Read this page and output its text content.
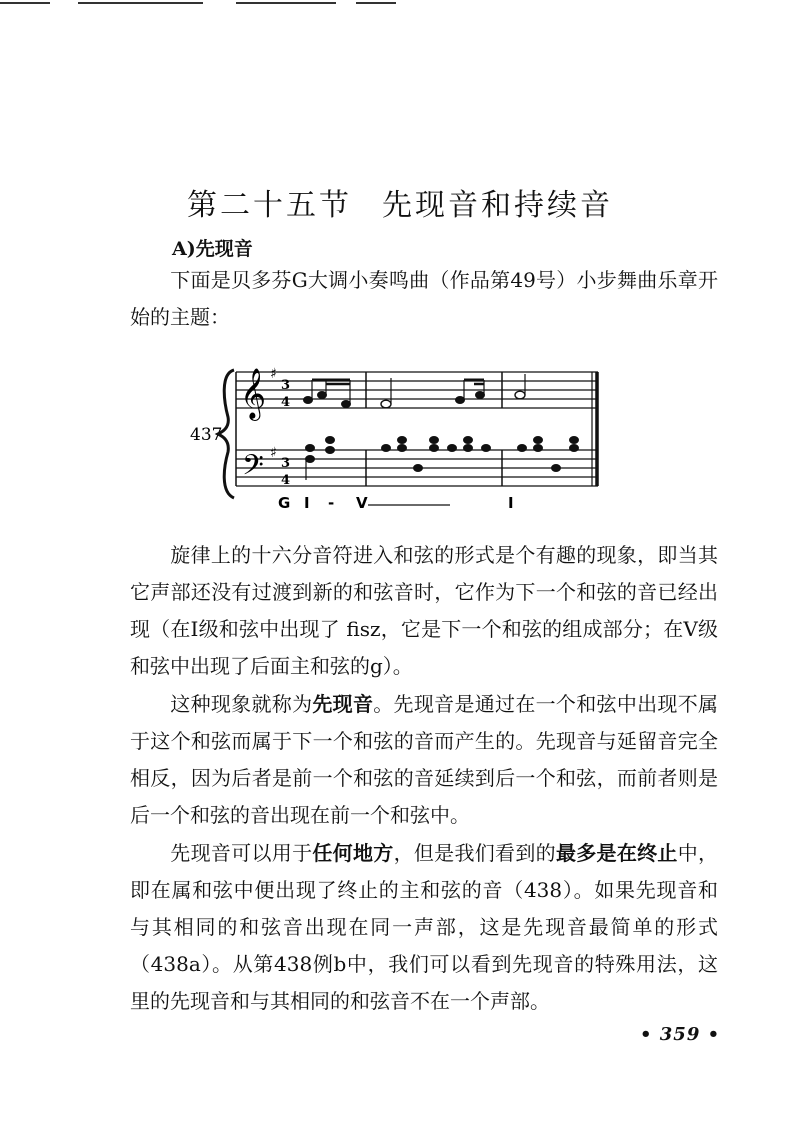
第二十五节 先现音和持续音
A)先现音

下面是贝多芬G大调小奏鸣曲（作品第49号）小步舞曲乐章开始的主题：

437.
𝄞
𝄢
♯
♯
3
4
3
4
G I - V	I

旋律上的十六分音符进入和弦的形式是个有趣的现象，即当其它声部还没有过渡到新的和弦音时，它作为下一个和弦的音已经出现（在Ⅰ级和弦中出现了 fisz，它是下一个和弦的组成部分；在Ⅴ级和弦中出现了后面主和弦的g）。

这种现象就称为先现音。先现音是通过在一个和弦中出现不属于这个和弦而属于下一个和弦的音而产生的。先现音与延留音完全相反，因为后者是前一个和弦的音延续到后一个和弦，而前者则是后一个和弦的音出现在前一个和弦中。

先现音可以用于任何地方，但是我们看到的最多是在终止中，即在属和弦中便出现了终止的主和弦的音（438）。如果先现音和与其相同的和弦音出现在同一声部，这是先现音最简单的形式（438a）。从第438例b中，我们可以看到先现音的特殊用法，这里的先现音和与其相同的和弦音不在一个声部。

• 359 •
